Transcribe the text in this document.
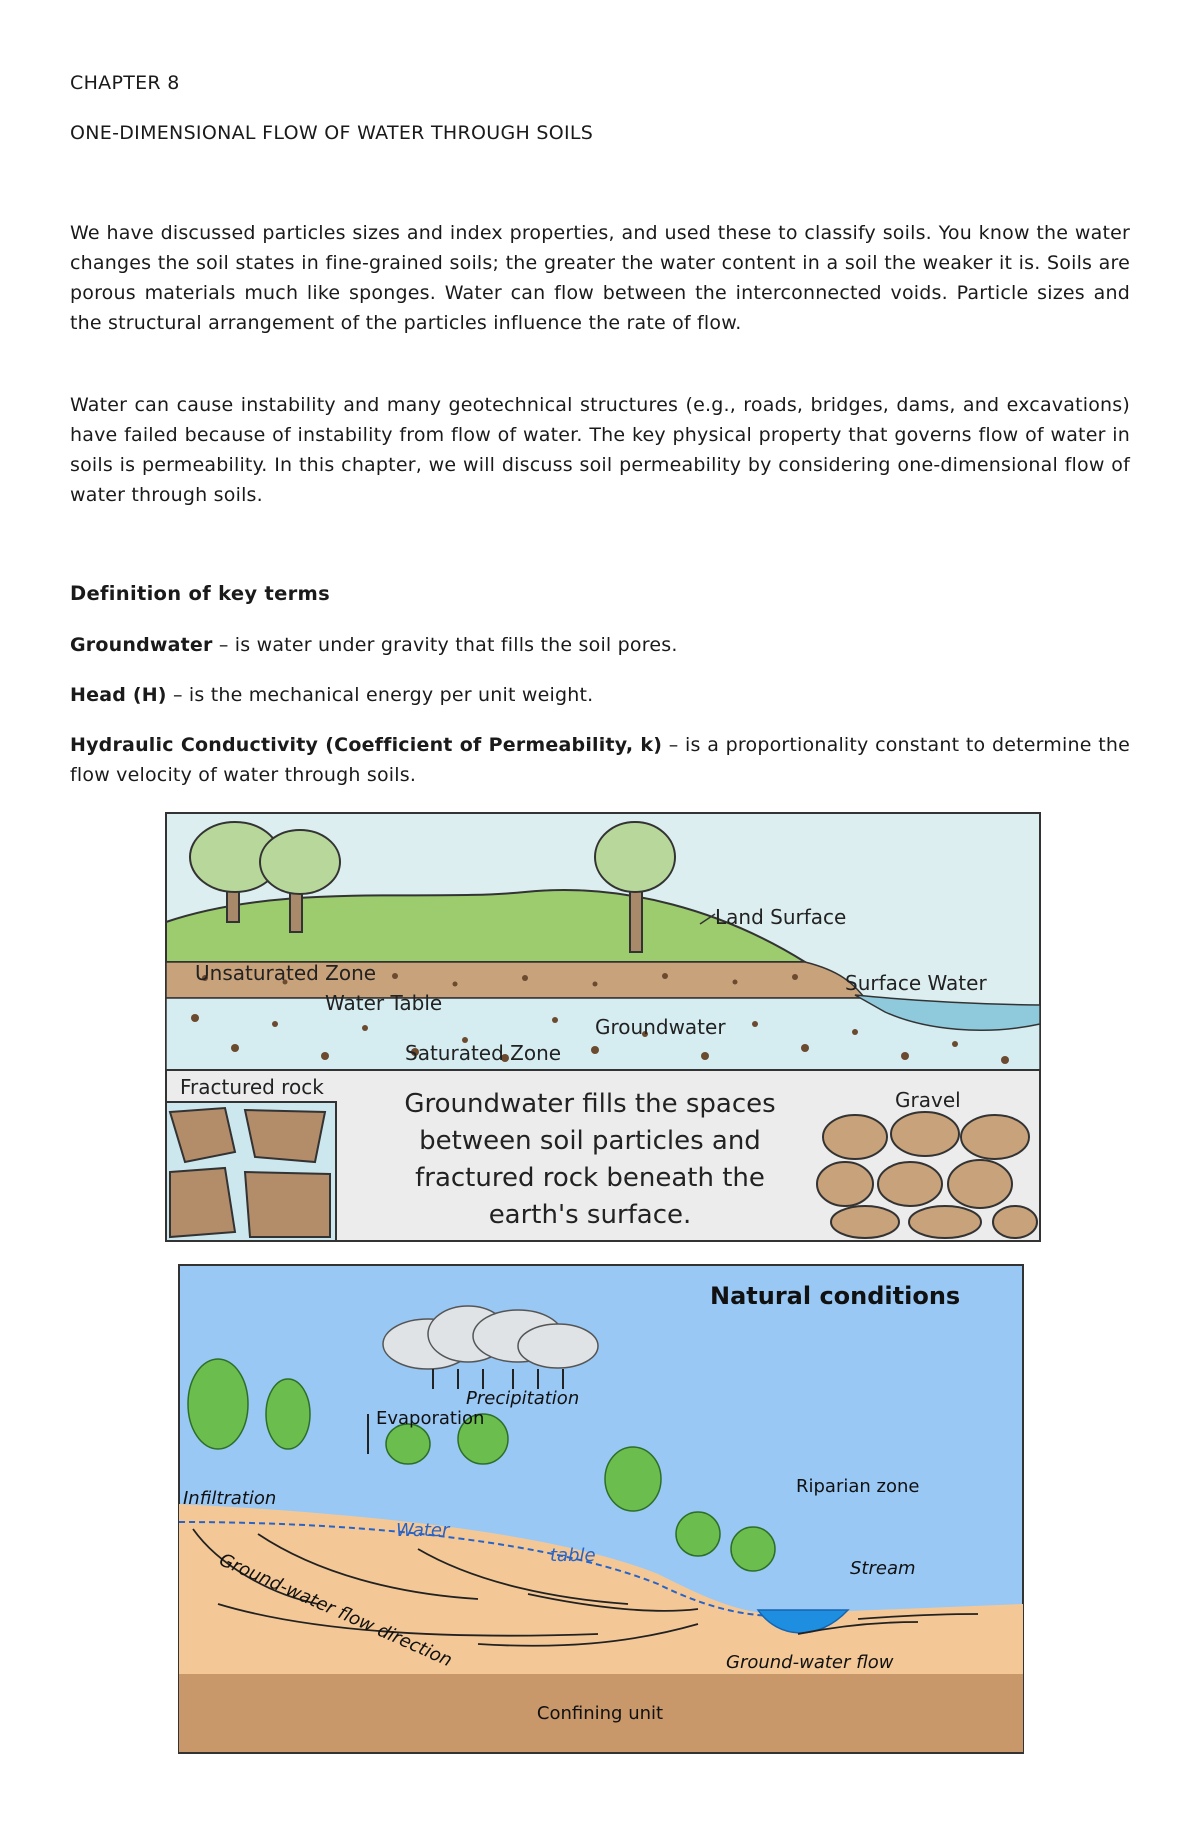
CHAPTER 8
ONE-DIMENSIONAL FLOW OF WATER THROUGH SOILS

We have discussed particles sizes and index properties, and used these to classify soils. You know the water changes the soil states in fine-grained soils; the greater the water content in a soil the weaker it is. Soils are porous materials much like sponges. Water can flow between the interconnected voids. Particle sizes and the structural arrangement of the particles influence the rate of flow.

Water can cause instability and many geotechnical structures (e.g., roads, bridges, dams, and excavations) have failed because of instability from flow of water. The key physical property that governs flow of water in soils is permeability. In this chapter, we will discuss soil permeability by considering one-dimensional flow of water through soils.

Definition of key terms
Groundwater – is water under gravity that fills the soil pores.
Head (H) – is the mechanical energy per unit weight.
Hydraulic Conductivity (Coefficient of Permeability, k) – is a proportionality constant to determine the flow velocity of water through soils.
Land Surface
Surface Water
Unsaturated Zone
Water Table
Groundwater
Saturated Zone
Fractured rock
Gravel
Groundwater fills the spaces
between soil particles and
fractured rock beneath the
earth's surface.
Natural conditions
Precipitation
Evaporation
Infiltration
Water
table
Riparian zone
Stream
Ground-water flow direction	Ground-water flow
Confining unit
